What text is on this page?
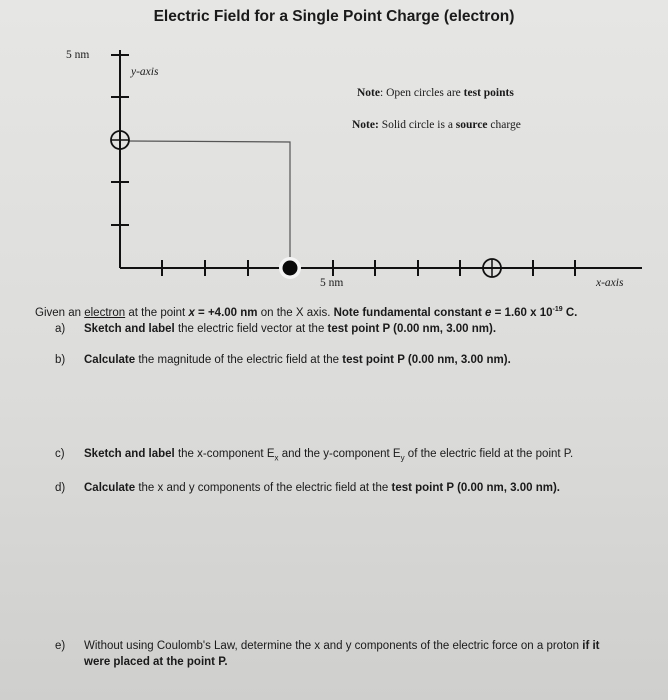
Electric Field for a Single Point Charge (electron)
5 nm
y-axis
5 nm	x-axis
Note: Open circles are test points
Note: Solid circle is a source charge
Given an electron at the point x = +4.00 nm on the X axis. Note fundamental constant e = 1.60 x $10^{-19}$ C.
a) Sketch and label the electric field vector at the test point P (0.00 nm, 3.00 nm).
b) Calculate the magnitude of the electric field at the test point P (0.00 nm, 3.00 nm).
c) Sketch and label the x-component $E_x$ and the y-component $E_y$ of the electric field at the point P.
d) Calculate the x and y components of the electric field at the test point P (0.00 nm, 3.00 nm).
e) Without using Coulomb's Law, determine the x and y components of the electric force on a proton if it
were placed at the point P.
